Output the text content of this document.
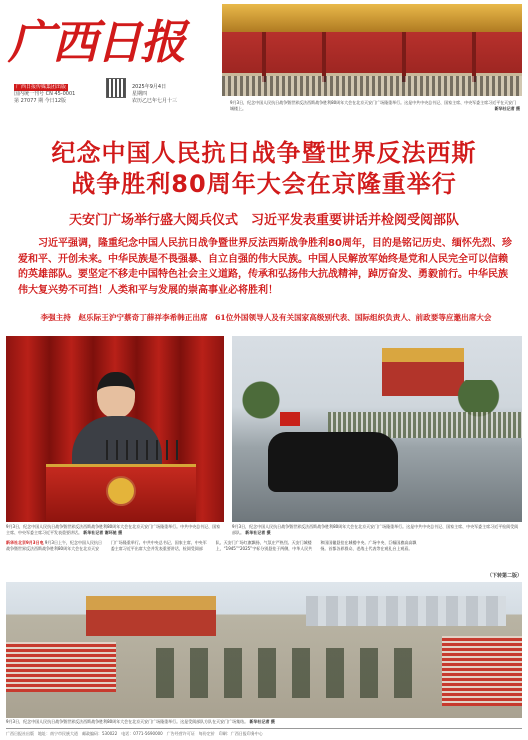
广西日报
广西日报传媒集团出版
国内统一刊号 CN 45-0001
第 27077 期 今日12版
2025年9月4日
星期四
农历乙巳年七月十三	9月3日，纪念中国人民抗日战争暨世界反法西斯战争胜利80周年大会在北京天安门广场隆重举行。这是中共中央总书记、国家主席、中央军委主席习近平在天安门城楼上。	新华社记者 摄
纪念中国人民抗日战争暨世界反法西斯
战争胜利80周年大会在京隆重举行
天安门广场举行盛大阅兵仪式　习近平发表重要讲话并检阅受阅部队
习近平强调，隆重纪念中国人民抗日战争暨世界反法西斯战争胜利80周年，目的是铭记历史、缅怀先烈、珍爱和平、开创未来。中华民族是不畏强暴、自立自强的伟大民族。中国人民解放军始终是党和人民完全可以信赖的英雄部队。要坚定不移走中国特色社会主义道路，传承和弘扬伟大抗战精神，踔厉奋发、勇毅前行。中华民族伟大复兴势不可挡！人类和平与发展的崇高事业必将胜利！
李强主持　赵乐际王沪宁蔡奇丁薛祥李希韩正出席　61位外国领导人及有关国家高级别代表、国际组织负责人、前政要等应邀出席大会
9月3日，纪念中国人民抗日战争暨世界反法西斯战争胜利80周年大会在北京天安门广场隆重举行。中共中央总书记、国家主席、中央军委主席习近平发表重要讲话。 新华社记者 谢环驰 摄
9月3日，纪念中国人民抗日战争暨世界反法西斯战争胜利80周年大会在北京天安门广场隆重举行。这是中共中央总书记、国家主席、中央军委主席习近平检阅受阅部队。 新华社记者 摄
新华社北京9月3日电 9月3日上午，纪念中国人民抗日战争暨世界反法西斯战争胜利80周年大会在北京天安门广场隆重举行。中共中央总书记、国家主席、中央军委主席习近平出席大会并发表重要讲话，检阅受阅部队。天安门广场红旗飘扬，气氛庄严热烈。天安门城楼上，“1945”“2025”字标分别悬挂于两侧，中华人民共和国国徽悬挂在城楼中央。广场中央，巨幅国旗高高飘扬。首都各界群众、老战士代表等在观礼台上观看。
（下转第二版）
9月3日，纪念中国人民抗日战争暨世界反法西斯战争胜利80周年大会在北京天安门广场隆重举行。这是受阅部队方队在天安门广场集结。 新华社记者 摄
广西日报社出版　地址：南宁市民族大道　邮政编码：530022　电话：0771-5690000　广告经营许可证　每份定价　印刷：广西日报印务中心
